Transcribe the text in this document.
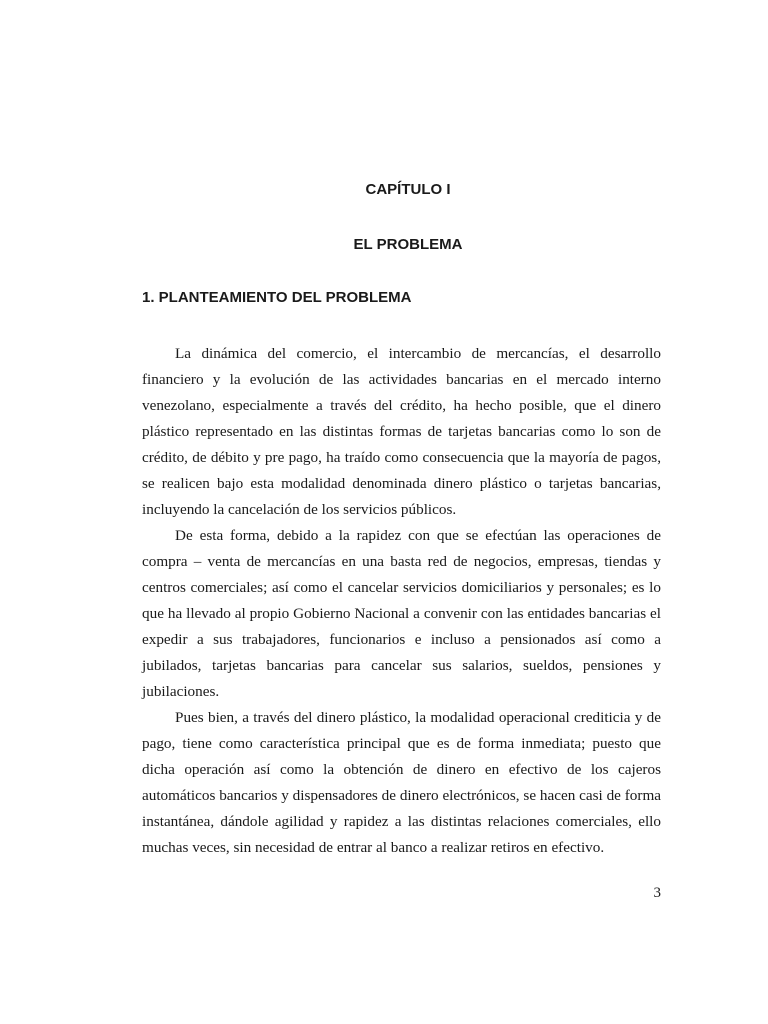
CAPÍTULO I
EL PROBLEMA
1. PLANTEAMIENTO DEL PROBLEMA

La dinámica del comercio, el intercambio de mercancías, el desarrollo financiero y la evolución de las actividades bancarias en el mercado interno venezolano, especialmente a través del crédito, ha hecho posible, que el dinero plástico representado en las distintas formas de tarjetas bancarias como lo son de crédito, de débito y pre pago, ha traído como consecuencia que la mayoría de pagos, se realicen bajo esta modalidad denominada dinero plástico o tarjetas bancarias, incluyendo la cancelación de los servicios públicos.

De esta forma, debido a la rapidez con que se efectúan las operaciones de compra – venta de mercancías en una basta red de negocios, empresas, tiendas y centros comerciales; así como el cancelar servicios domiciliarios y personales; es lo que ha llevado al propio Gobierno Nacional a convenir con las entidades bancarias el expedir a sus trabajadores, funcionarios e incluso a pensionados así como a jubilados, tarjetas bancarias para cancelar sus salarios, sueldos, pensiones y jubilaciones.

Pues bien, a través del dinero plástico, la modalidad operacional crediticia y de pago, tiene como característica principal que es de forma inmediata; puesto que dicha operación así como la obtención de dinero en efectivo de los cajeros automáticos bancarios y dispensadores de dinero electrónicos, se hacen casi de forma instantánea, dándole agilidad y rapidez a las distintas relaciones comerciales, ello muchas veces, sin necesidad de entrar al banco a realizar retiros en efectivo.

3
